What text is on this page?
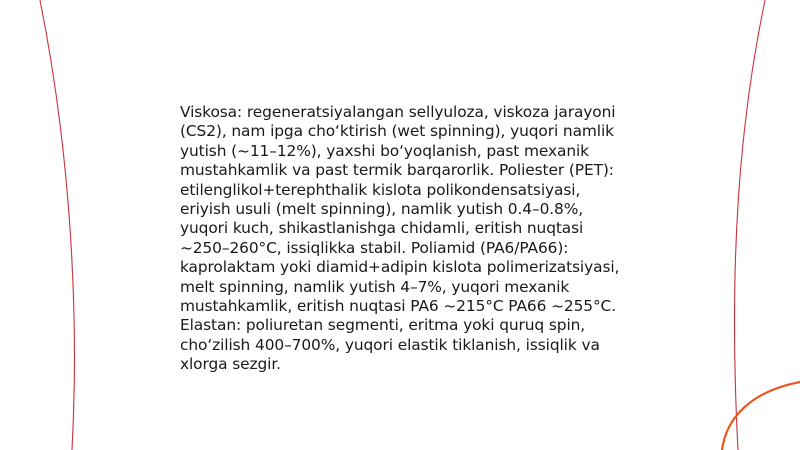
Viskosa: regeneratsiyalangan sellyuloza, viskoza jarayoni (CS2), nam ipga cho‘ktirish (wet spinning), yuqori namlik yutish (~11–12%), yaxshi bo‘yoqlanish, past mexanik mustahkamlik va past termik barqarorlik. Poliester (PET): etilenglikol+terephthalik kislota polikondensatsiyasi, eriyish usuli (melt spinning), namlik yutish 0.4–0.8%, yuqori kuch, shikastlanishga chidamli, eritish nuqtasi ~250–260°C, issiqlikka stabil. Poliamid (PA6/PA66): kaprolaktam yoki diamid+adipin kislota polimerizatsiyasi, melt spinning, namlik yutish 4–7%, yuqori mexanik mustahkamlik, eritish nuqtasi PA6 ~215°C PA66 ~255°C. Elastan: poliuretan segmenti, eritma yoki quruq spin, cho‘zilish 400–700%, yuqori elastik tiklanish, issiqlik va xlorga sezgir.
